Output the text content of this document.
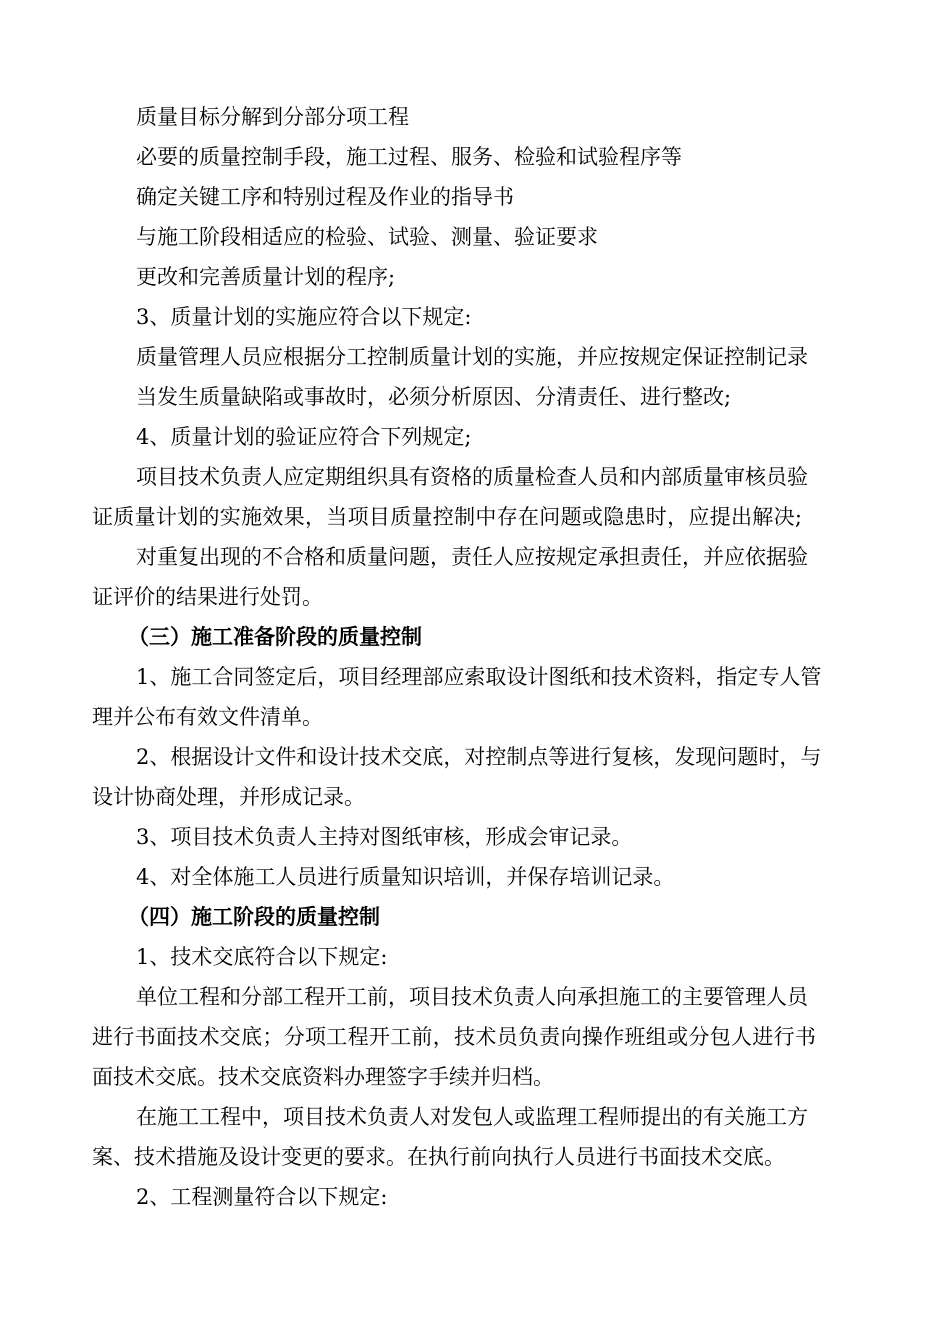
质量目标分解到分部分项工程
必要的质量控制手段，施工过程、服务、检验和试验程序等
确定关键工序和特别过程及作业的指导书
与施工阶段相适应的检验、试验、测量、验证要求
更改和完善质量计划的程序;
3、质量计划的实施应符合以下规定:
质量管理人员应根据分工控制质量计划的实施，并应按规定保证控制记录
当发生质量缺陷或事故时，必须分析原因、分清责任、进行整改;
4、质量计划的验证应符合下列规定;
项目技术负责人应定期组织具有资格的质量检查人员和内部质量审核员验
证质量计划的实施效果，当项目质量控制中存在问题或隐患时，应提出解决;
对重复出现的不合格和质量问题，责任人应按规定承担责任，并应依据验
证评价的结果进行处罚。
（三）施工准备阶段的质量控制
1、施工合同签定后，项目经理部应索取设计图纸和技术资料，指定专人管
理并公布有效文件清单。
2、根据设计文件和设计技术交底，对控制点等进行复核，发现问题时，与
设计协商处理，并形成记录。
3、项目技术负责人主持对图纸审核，形成会审记录。
4、对全体施工人员进行质量知识培训，并保存培训记录。
（四）施工阶段的质量控制
1、技术交底符合以下规定:
单位工程和分部工程开工前，项目技术负责人向承担施工的主要管理人员
进行书面技术交底；分项工程开工前，技术员负责向操作班组或分包人进行书
面技术交底。技术交底资料办理签字手续并归档。
在施工工程中，项目技术负责人对发包人或监理工程师提出的有关施工方
案、技术措施及设计变更的要求。在执行前向执行人员进行书面技术交底。
2、工程测量符合以下规定:
